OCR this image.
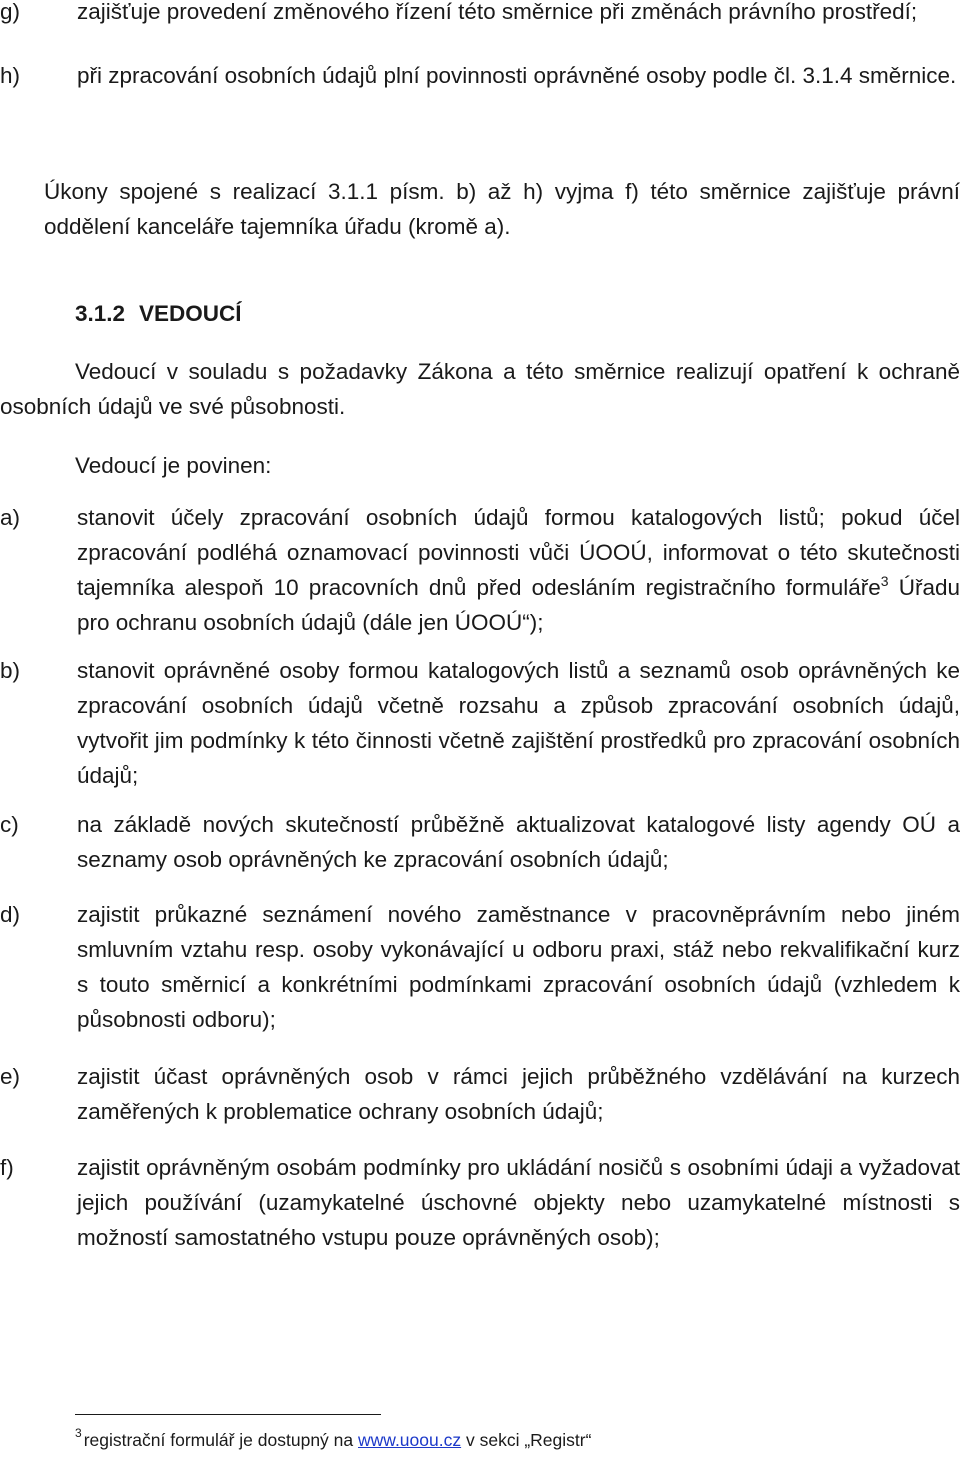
g)	zajišťuje provedení změnového řízení této směrnice při změnách právního prostředí;
h)	při zpracování osobních údajů plní povinnosti oprávněné osoby podle čl. 3.1.4 směrnice.
Úkony spojené s realizací 3.1.1 písm. b) až h) vyjma f) této směrnice zajišťuje právní oddělení kanceláře tajemníka úřadu (kromě a).
3.1.2 VEDOUCÍ
Vedoucí v souladu s požadavky Zákona a této směrnice realizují opatření k ochraně osobních údajů ve své působnosti.
Vedoucí je povinen:
a)	stanovit účely zpracování osobních údajů formou katalogových listů; pokud účel zpracování podléhá oznamovací povinnosti vůči ÚOOÚ, informovat o této skutečnosti tajemníka alespoň 10 pracovních dnů před odesláním registračního formuláře$^3$ Úřadu pro ochranu osobních údajů (dále jen ÚOOÚ“);
b)	stanovit oprávněné osoby formou katalogových listů a seznamů osob oprávněných ke zpracování osobních údajů včetně rozsahu a způsob zpracování osobních údajů, vytvořit jim podmínky k této činnosti včetně zajištění prostředků pro zpracování osobních údajů;
c)	na základě nových skutečností průběžně aktualizovat katalogové listy agendy OÚ a seznamy osob oprávněných ke zpracování osobních údajů;
d)	zajistit průkazné seznámení nového zaměstnance v pracovněprávním nebo jiném smluvním vztahu resp. osoby vykonávající u odboru praxi, stáž nebo rekvalifikační kurz s touto směrnicí a konkrétními podmínkami zpracování osobních údajů (vzhledem k působnosti odboru);
e)	zajistit účast oprávněných osob v rámci jejich průběžného vzdělávání na kurzech zaměřených k problematice ochrany osobních údajů;
f)	zajistit oprávněným osobám podmínky pro ukládání nosičů s osobními údaji a vyžadovat jejich používání (uzamykatelné úschovné objekty nebo uzamykatelné místnosti s možností samostatného vstupu pouze oprávněných osob);
$^3$ registrační formulář je dostupný na www.uoou.cz v sekci „Registr“
